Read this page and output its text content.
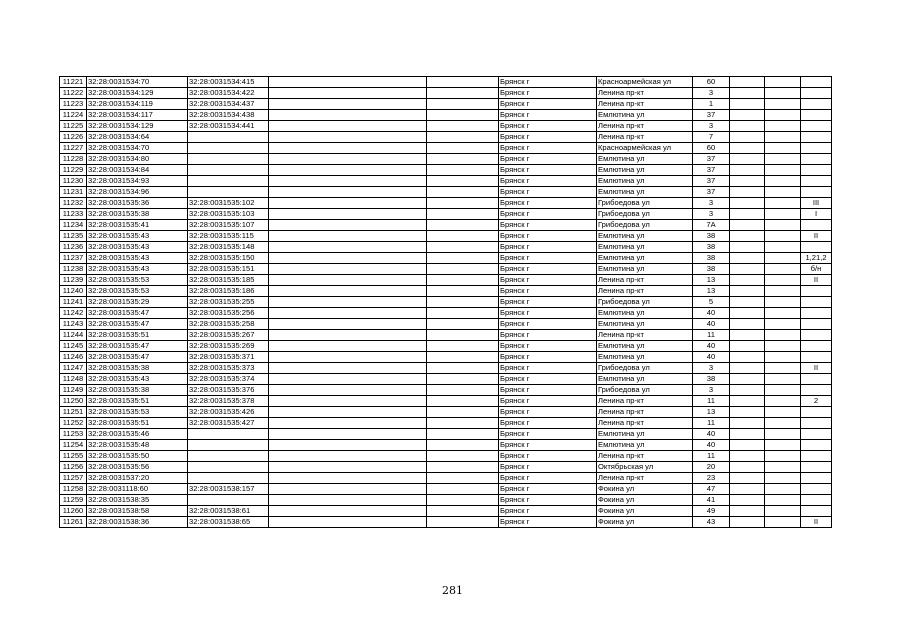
11221	32:28:0031534:70	32:28:0031534:415			Брянск г	Красноармейская ул	60			
11222	32:28:0031534:129	32:28:0031534:422			Брянск г	Ленина пр-кт	3			
11223	32:28:0031534:119	32:28:0031534:437			Брянск г	Ленина пр-кт	1			
11224	32:28:0031534:117	32:28:0031534:438			Брянск г	Емлютина ул	37			
11225	32:28:0031534:129	32:28:0031534:441			Брянск г	Ленина пр-кт	3			
11226	32:28:0031534:64				Брянск г	Ленина пр-кт	7			
11227	32:28:0031534:70				Брянск г	Красноармейская ул	60			
11228	32:28:0031534:80				Брянск г	Емлютина ул	37			
11229	32:28:0031534:84				Брянск г	Емлютина ул	37			
11230	32:28:0031534:93				Брянск г	Емлютина ул	37			
11231	32:28:0031534:96				Брянск г	Емлютина ул	37			
11232	32:28:0031535:36	32:28:0031535:102			Брянск г	Грибоедова ул	3			III
11233	32:28:0031535:38	32:28:0031535:103			Брянск г	Грибоедова ул	3			I
11234	32:28:0031535:41	32:28:0031535:107			Брянск г	Грибоедова ул	7А			
11235	32:28:0031535:43	32:28:0031535:115			Брянск г	Емлютина ул	38			II
11236	32:28:0031535:43	32:28:0031535:148			Брянск г	Емлютина ул	38			
11237	32:28:0031535:43	32:28:0031535:150			Брянск г	Емлютина ул	38			1,21,2
11238	32:28:0031535:43	32:28:0031535:151			Брянск г	Емлютина ул	38			б/н
11239	32:28:0031535:53	32:28:0031535:185			Брянск г	Ленина пр-кт	13			II
11240	32:28:0031535:53	32:28:0031535:186			Брянск г	Ленина пр-кт	13			
11241	32:28:0031535:29	32:28:0031535:255			Брянск г	Грибоедова ул	5			
11242	32:28:0031535:47	32:28:0031535:256			Брянск г	Емлютина ул	40			
11243	32:28:0031535:47	32:28:0031535:258			Брянск г	Емлютина ул	40			
11244	32:28:0031535:51	32:28:0031535:267			Брянск г	Ленина пр-кт	11			
11245	32:28:0031535:47	32:28:0031535:269			Брянск г	Емлютина ул	40			
11246	32:28:0031535:47	32:28:0031535:371			Брянск г	Емлютина ул	40			
11247	32:28:0031535:38	32:28:0031535:373			Брянск г	Грибоедова ул	3			II
11248	32:28:0031535:43	32:28:0031535:374			Брянск г	Емлютина ул	38			
11249	32:28:0031535:38	32:28:0031535:376			Брянск г	Грибоедова ул	3			
11250	32:28:0031535:51	32:28:0031535:378			Брянск г	Ленина пр-кт	11			2
11251	32:28:0031535:53	32:28:0031535:426			Брянск г	Ленина пр-кт	13			
11252	32:28:0031535:51	32:28:0031535:427			Брянск г	Ленина пр-кт	11			
11253	32:28:0031535:46				Брянск г	Емлютина ул	40			
11254	32:28:0031535:48				Брянск г	Емлютина ул	40			
11255	32:28:0031535:50				Брянск г	Ленина пр-кт	11			
11256	32:28:0031535:56				Брянск г	Октябрьская ул	20			
11257	32:28:0031537:20				Брянск г	Ленина пр-кт	23			
11258	32:28:0031118:60	32:28:0031538:157			Брянск г	Фокина ул	47			
11259	32:28:0031538:35				Брянск г	Фокина ул	41			
11260	32:28:0031538:58	32:28:0031538:61			Брянск г	Фокина ул	49			
11261	32:28:0031538:36	32:28:0031538:65			Брянск г	Фокина ул	43			II
281
